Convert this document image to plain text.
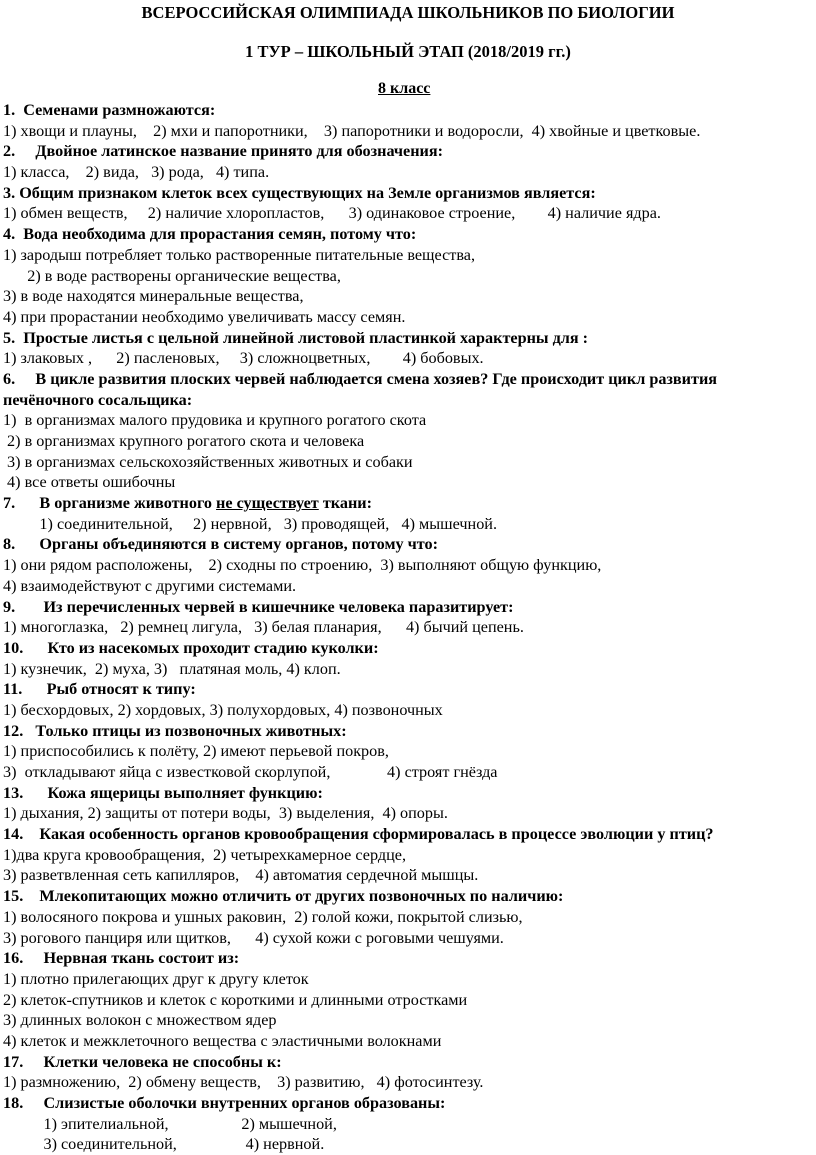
ВСЕРОССИЙСКАЯ ОЛИМПИАДА ШКОЛЬНИКОВ ПО БИОЛОГИИ
1 ТУР – ШКОЛЬНЫЙ ЭТАП (2018/2019 гг.)
8 класс
1.  Семенами размножаются:
1) хвощи и плауны,    2) мхи и папоротники,    3) папоротники и водоросли,  4) хвойные и цветковые.
2.     Двойное латинское название принято для обозначения:
1) класса,    2) вида,   3) рода,   4) типа.
3. Общим признаком клеток всех существующих на Земле организмов является:
1) обмен веществ,     2) наличие хлоропластов,      3) одинаковое строение,        4) наличие ядра.
4.  Вода необходима для прорастания семян, потому что:
1) зародыш потребляет только растворенные питательные вещества,
2) в воде растворены органические вещества,
3) в воде находятся минеральные вещества,
4) при прорастании необходимо увеличивать массу семян.
5.  Простые листья с цельной линейной листовой пластинкой характерны для :
1) злаковых ,      2) пасленовых,     3) сложноцветных,        4) бобовых.
6.     В цикле развития плоских червей наблюдается смена хозяев? Где происходит цикл развития
печёночного сосальщика:
1)  в организмах малого прудовика и крупного рогатого скота
2) в организмах крупного рогатого скота и человека
3) в организмах сельскохозяйственных животных и собаки
4) все ответы ошибочны
7.      В организме животного не существует ткани:
1) соединительной,     2) нервной,   3) проводящей,   4) мышечной.
8.      Органы объединяются в систему органов, потому что:
1) они рядом расположены,    2) сходны по строению,  3) выполняют общую функцию,
4) взаимодействуют с другими системами.
9.       Из перечисленных червей в кишечнике человека паразитирует:
1) многоглазка,   2) ремнец лигула,   3) белая планария,      4) бычий цепень.
10.      Кто из насекомых проходит стадию куколки:
1) кузнечик,  2) муха, 3)   платяная моль, 4) клоп.
11.      Рыб относят к типу:
1) бесхордовых, 2) хордовых, 3) полухордовых, 4) позвоночных
12.   Только птицы из позвоночных животных:
1) приспособились к полёту, 2) имеют перьевой покров,
3)  откладывают яйца с известковой скорлупой,              4) строят гнёзда
13.      Кожа ящерицы выполняет функцию:
1) дыхания, 2) защиты от потери воды,  3) выделения,  4) опоры.
14.    Какая особенность органов кровообращения сформировалась в процессе эволюции у птиц?
1)два круга кровообращения,  2) четырехкамерное сердце,
3) разветвленная сеть капилляров,    4) автоматия сердечной мышцы.
15.    Млекопитающих можно отличить от других позвоночных по наличию:
1) волосяного покрова и ушных раковин,  2) голой кожи, покрытой слизью,
3) рогового панциря или щитков,      4) сухой кожи с роговыми чешуями.
16.     Нервная ткань состоит из:
1) плотно прилегающих друг к другу клеток
2) клеток-спутников и клеток с короткими и длинными отростками
3) длинных волокон с множеством ядер
4) клеток и межклеточного вещества с эластичными волокнами
17.     Клетки человека не способны к:
1) размножению,  2) обмену веществ,    3) развитию,   4) фотосинтезу.
18.     Слизистые оболочки внутренних органов образованы:
1) эпителиальной,                  2) мышечной,
3) соединительной,                 4) нервной.
